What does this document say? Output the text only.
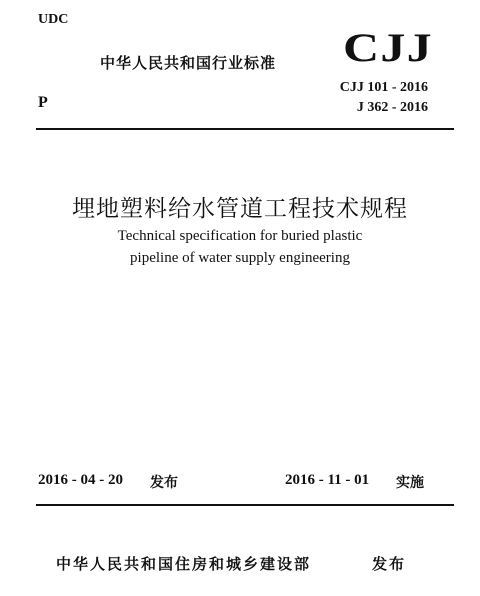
UDC
中华人民共和国行业标准 CJJ
CJJ 101 - 2016
P	J 362 - 2016
埋地塑料给水管道工程技术规程
Technical specification for buried plastic
pipeline of water supply engineering
2016 - 04 - 20 发布	2016 - 11 - 01 实施
中华人民共和国住房和城乡建设部	发布
